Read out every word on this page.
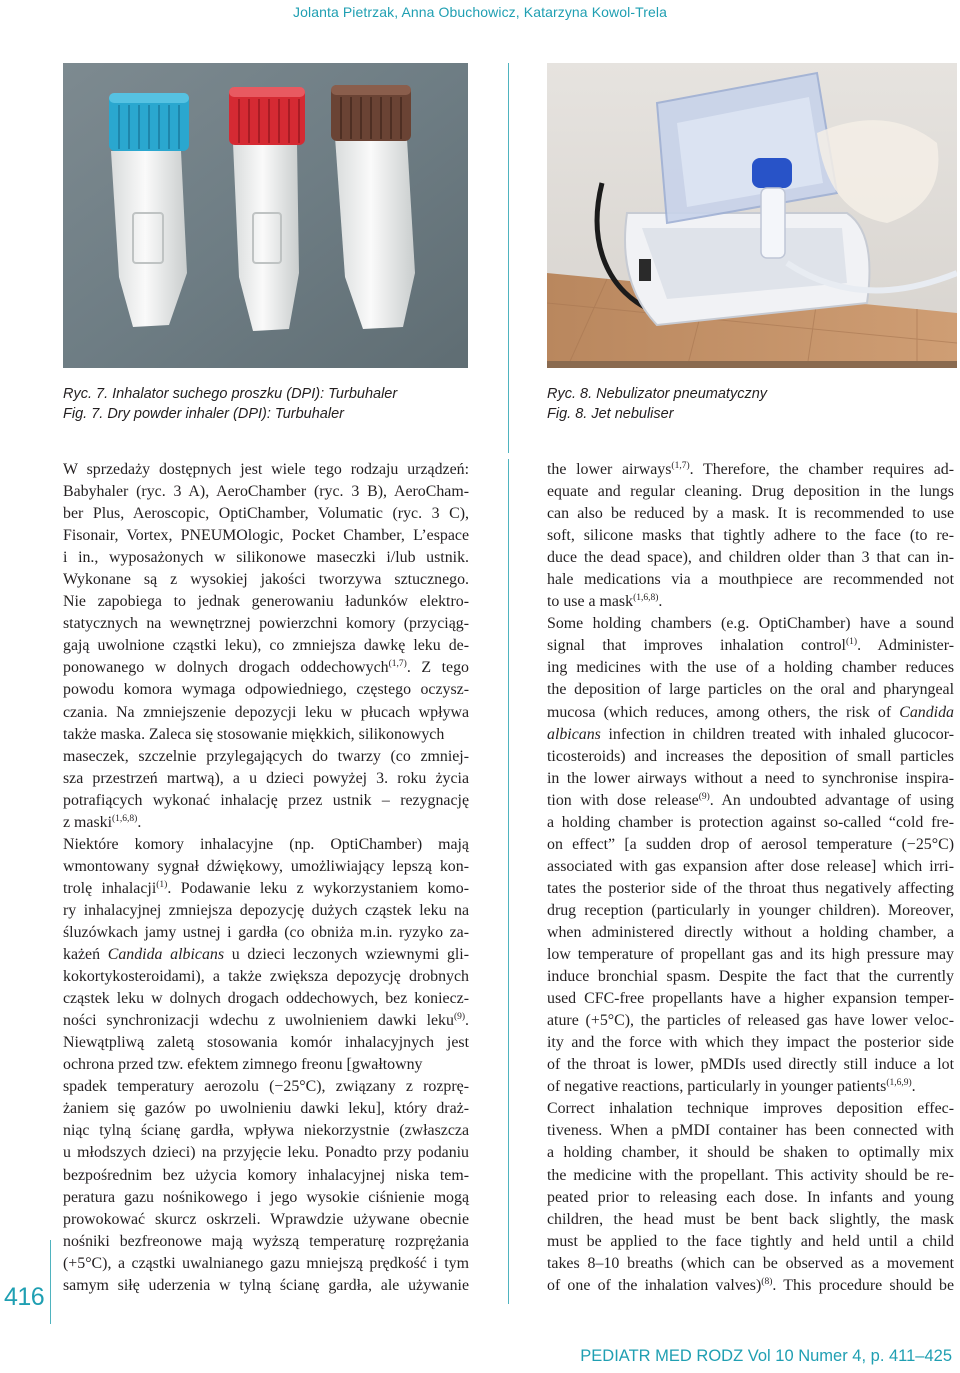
Jolanta Pietrzak, Anna Obuchowicz, Katarzyna Kowol-Trela
Ryc. 7. Inhalator suchego proszku (DPI): Turbuhaler
Fig. 7. Dry powder inhaler (DPI): Turbuhaler
Ryc. 8. Nebulizator pneumatyczny
Fig. 8. Jet nebuliser
W sprzedaży dostępnych jest wiele tego rodzaju urządzeń:
Babyhaler (ryc. 3 A), AeroChamber (ryc. 3 B), AeroCham-
ber Plus, Aeroscopic, OptiChamber, Volumatic (ryc. 3 C),
Fisonair, Vortex, PNEUMOlogic, Pocket Chamber, L’espace
i in., wyposażonych w silikonowe maseczki i/lub ustnik.
Wykonane są z wysokiej jakości tworzywa sztucznego.
Nie zapobiega to jednak generowaniu ładunków elektro-
statycznych na wewnętrznej powierzchni komory (przyciąg-
gają uwolnione cząstki leku), co zmniejsza dawkę leku de-
ponowanego w dolnych drogach oddechowych$^{(1,7)}$. Z tego
powodu komora wymaga odpowiedniego, częstego oczysz-
czania. Na zmniejszenie depozycji leku w płucach wpływa
także maska. Zaleca się stosowanie miękkich, silikonowych
maseczek, szczelnie przylegających do twarzy (co zmniej-
sza przestrzeń martwą), a u dzieci powyżej 3. roku życia
potrafiących wykonać inhalację przez ustnik – rezygnację
z maski$^{(1,6,8)}$.
Niektóre komory inhalacyjne (np. OptiChamber) mają
wmontowany sygnał dźwiękowy, umożliwiający lepszą kon-
trolę inhalacji$^{(1)}$. Podawanie leku z wykorzystaniem komo-
ry inhalacyjnej zmniejsza depozycję dużych cząstek leku na
śluzówkach jamy ustnej i gardła (co obniża m.in. ryzyko za-
każeń Candida albicans u dzieci leczonych wziewnymi gli-
kokortykosteroidami), a także zwiększa depozycję drobnych
cząstek leku w dolnych drogach oddechowych, bez koniecz-
ności synchronizacji wdechu z uwolnieniem dawki leku$^{(9)}$.
Niewątpliwą zaletą stosowania komór inhalacyjnych jest
ochrona przed tzw. efektem zimnego freonu [gwałtowny
spadek temperatury aerozolu (−25°C), związany z rozprę-
żaniem się gazów po uwolnieniu dawki leku], który draż-
niąc tylną ścianę gardła, wpływa niekorzystnie (zwłaszcza
u młodszych dzieci) na przyjęcie leku. Ponadto przy podaniu
bezpośrednim bez użycia komory inhalacyjnej niska tem-
peratura gazu nośnikowego i jego wysokie ciśnienie mogą
prowokować skurcz oskrzeli. Wprawdzie używane obecnie
nośniki bezfreonowe mają wyższą temperaturę rozprężania
(+5°C), a cząstki uwalnianego gazu mniejszą prędkość i tym
samym siłę uderzenia w tylną ścianę gardła, ale używanie
the lower airways$^{(1,7)}$. Therefore, the chamber requires ad-
equate and regular cleaning. Drug deposition in the lungs
can also be reduced by a mask. It is recommended to use
soft, silicone masks that tightly adhere to the face (to re-
duce the dead space), and children older than 3 that can in-
hale medications via a mouthpiece are recommended not
to use a mask$^{(1,6,8)}$.
Some holding chambers (e.g. OptiChamber) have a sound
signal that improves inhalation control$^{(1)}$. Administer-
ing medicines with the use of a holding chamber reduces
the deposition of large particles on the oral and pharyngeal
mucosa (which reduces, among others, the risk of Candida
albicans infection in children treated with inhaled glucocor-
ticosteroids) and increases the deposition of small particles
in the lower airways without a need to synchronise inspira-
tion with dose release$^{(9)}$. An undoubted advantage of using
a holding chamber is protection against so-called “cold fre-
on effect” [a sudden drop of aerosol temperature (−25°C)
associated with gas expansion after dose release] which irri-
tates the posterior side of the throat thus negatively affecting
drug reception (particularly in younger children). Moreover,
when administered directly without a holding chamber, a
low temperature of propellant gas and its high pressure may
induce bronchial spasm. Despite the fact that the currently
used CFC-free propellants have a higher expansion temper-
ature (+5°C), the particles of released gas have lower veloc-
ity and the force with which they impact the posterior side
of the throat is lower, pMDIs used directly still induce a lot
of negative reactions, particularly in younger patients$^{(1,6,9)}$.
Correct inhalation technique improves deposition effec-
tiveness. When a pMDI container has been connected with
a holding chamber, it should be shaken to optimally mix
the medicine with the propellant. This activity should be re-
peated prior to releasing each dose. In infants and young
children, the head must be bent back slightly, the mask
must be applied to the face tightly and held until a child
takes 8–10 breaths (which can be observed as a movement
of one of the inhalation valves)$^{(8)}$. This procedure should be
416
PEDIATR MED RODZ Vol 10 Numer 4, p. 411–425
